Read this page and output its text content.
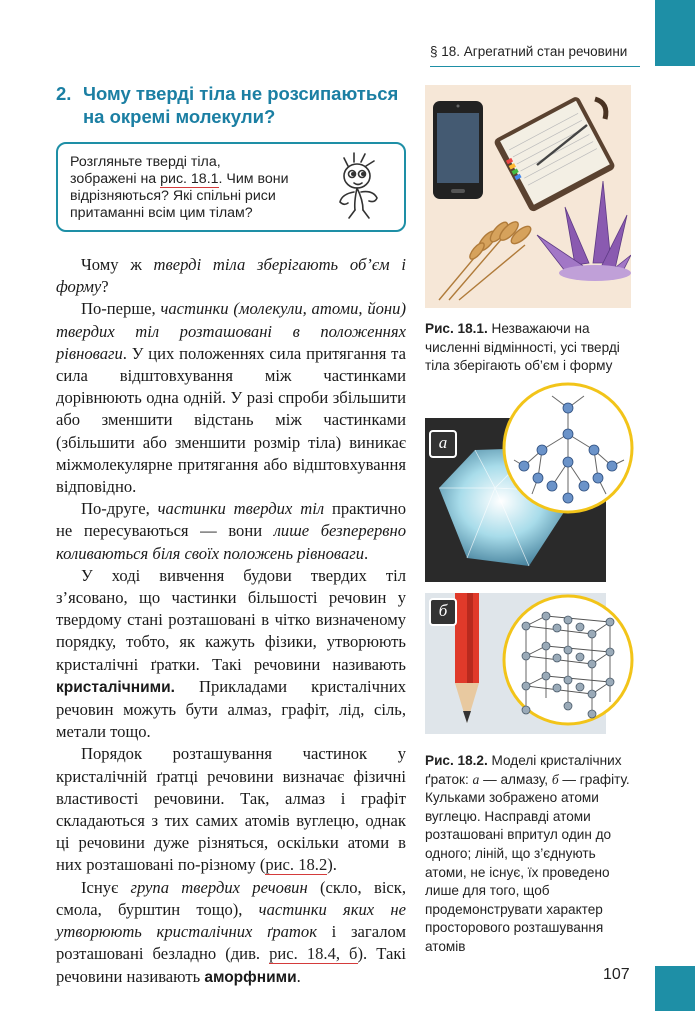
§ 18. Агрегатний стан речовини
2. Чому тверді тіла не розсипаються
на окремі молекули?
Розгляньте тверді тіла,
зображені на рис. 18.1. Чим вони
відрізняються? Які спільні риси
притаманні всім цим тілам?

Чому ж тверді тіла зберігають об’єм і форму?

По-перше, частинки (молекули, атоми, йони) твердих тіл розташовані в положеннях рівноваги. У цих положеннях сила притягання та сила відштовхування між частинками дорівнюють одна одній. У разі спроби збільшити або зменшити відстань між частинками (збільшити або зменшити розмір тіла) виникає міжмолекулярне притягання або відштовхування відповідно.

По-друге, частинки твердих тіл практично не пересуваються — вони лише безперервно коливаються біля своїх положень рівноваги.

У ході вивчення будови твердих тіл з’ясовано, що частинки більшості речовин у твердому стані розташовані в чітко визначеному порядку, тобто, як кажуть фізики, утворюють кристалічні ґратки. Такі речовини називають кристалічними. Прикладами кристалічних речовин можуть бути алмаз, графіт, лід, сіль, метали тощо.

Порядок розташування частинок у кристалічній ґратці речовини визначає фізичні властивості речовини. Так, алмаз і графіт складаються з тих самих атомів вуглецю, однак ці речовини дуже різняться, оскільки атоми в них розташовані по-різному (рис. 18.2).

Існує група твердих речовин (скло, віск, смола, бурштин тощо), частинки яких не утворюють кристалічних ґраток і загалом розташовані безладно (див. рис. 18.4, б). Такі речовини називають аморфними.

Рис. 18.1. Незважаючи на численні відмінності, усі тверді тіла зберігають об’єм і форму
а
б
Рис. 18.2. Моделі кристалічних ґраток: а — алмазу, б — графіту. Кульками зображено атоми вуглецю. Насправді атоми розташовані впритул один до одного; ліній, що з’єднують атоми, не існує, їх проведено лише для того, щоб продемонструвати характер просторового розташування атомів
107
